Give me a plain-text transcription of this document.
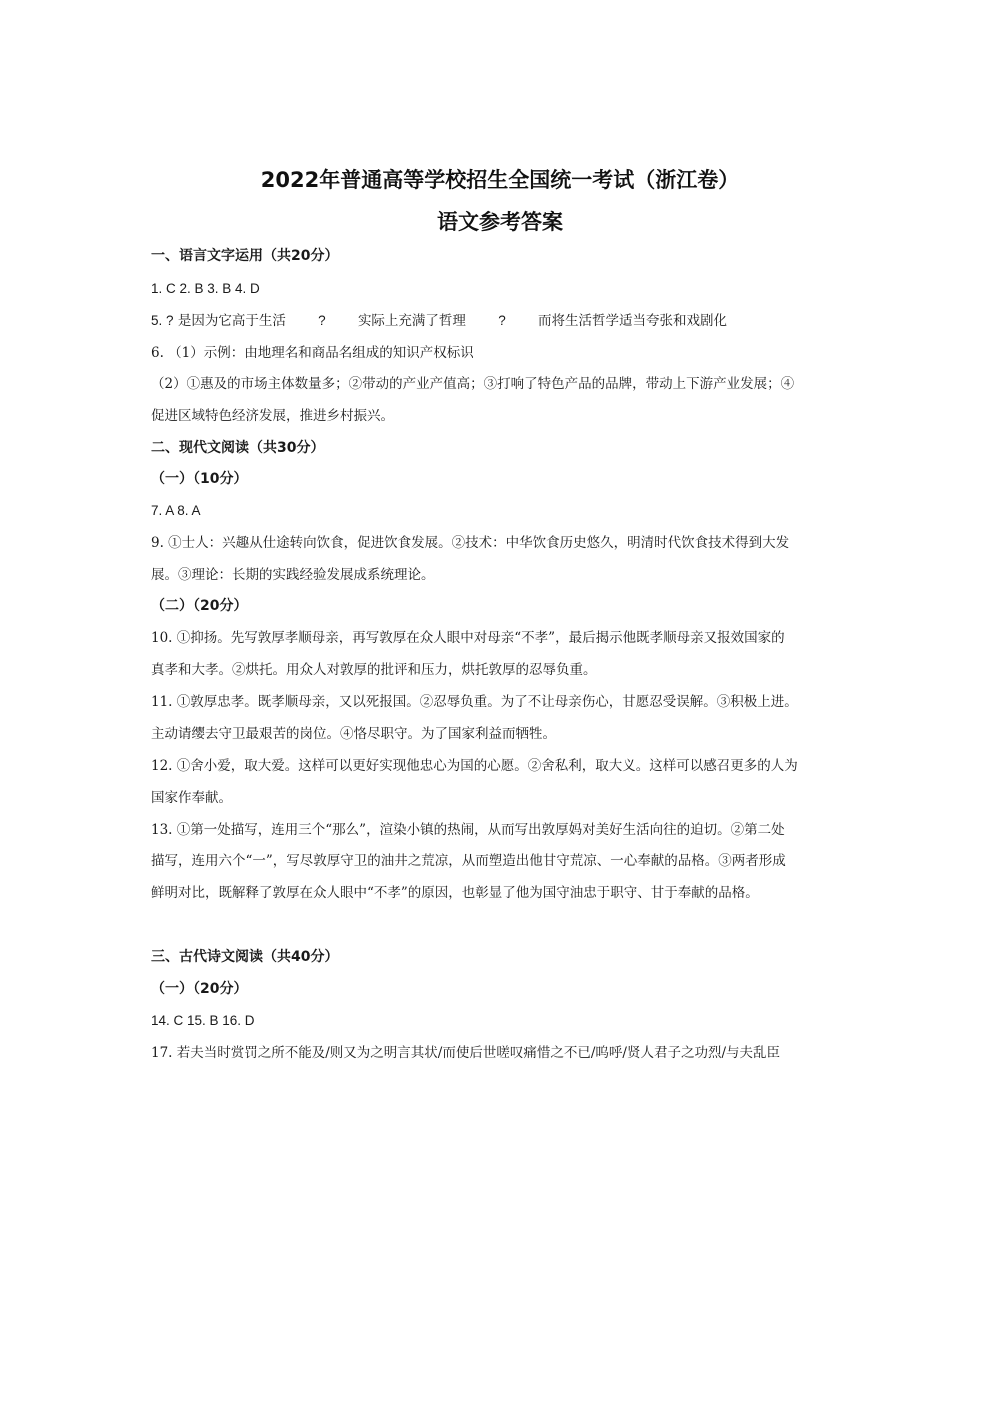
2022年普通高等学校招生全国统一考试（浙江卷）
语文参考答案
一、语言文字运用（共20分）
1. C 2. B 3. B 4. D
5. ? 是因为它高于生活 ? 实际上充满了哲理 ? 而将生活哲学适当夸张和戏剧化
6. （1）示例：由地理名和商品名组成的知识产权标识
（2）①惠及的市场主体数量多；②带动的产业产值高；③打响了特色产品的品牌，带动上下游产业发展；④
促进区域特色经济发展，推进乡村振兴。
二、现代文阅读（共30分）
（一）（10分）
7. A 8. A
9. ①士人：兴趣从仕途转向饮食，促进饮食发展。②技术：中华饮食历史悠久，明清时代饮食技术得到大发
展。③理论：长期的实践经验发展成系统理论。
（二）（20分）
10. ①抑扬。先写敦厚孝顺母亲，再写敦厚在众人眼中对母亲“不孝”，最后揭示他既孝顺母亲又报效国家的
真孝和大孝。②烘托。用众人对敦厚的批评和压力，烘托敦厚的忍辱负重。
11. ①敦厚忠孝。既孝顺母亲，又以死报国。②忍辱负重。为了不让母亲伤心，甘愿忍受误解。③积极上进。
主动请缨去守卫最艰苦的岗位。④恪尽职守。为了国家利益而牺牲。
12. ①舍小爱，取大爱。这样可以更好实现他忠心为国的心愿。②舍私利，取大义。这样可以感召更多的人为
国家作奉献。
13. ①第一处描写，连用三个“那么”，渲染小镇的热闹，从而写出敦厚妈对美好生活向往的迫切。②第二处
描写，连用六个“一”，写尽敦厚守卫的油井之荒凉，从而塑造出他甘守荒凉、一心奉献的品格。③两者形成
鲜明对比，既解释了敦厚在众人眼中“不孝”的原因，也彰显了他为国守油忠于职守、甘于奉献的品格。
三、古代诗文阅读（共40分）
（一）（20分）
14. C 15. B 16. D
17. 若夫当时赏罚之所不能及/则又为之明言其状/而使后世嗟叹痛惜之不已/呜呼/贤人君子之功烈/与夫乱臣
